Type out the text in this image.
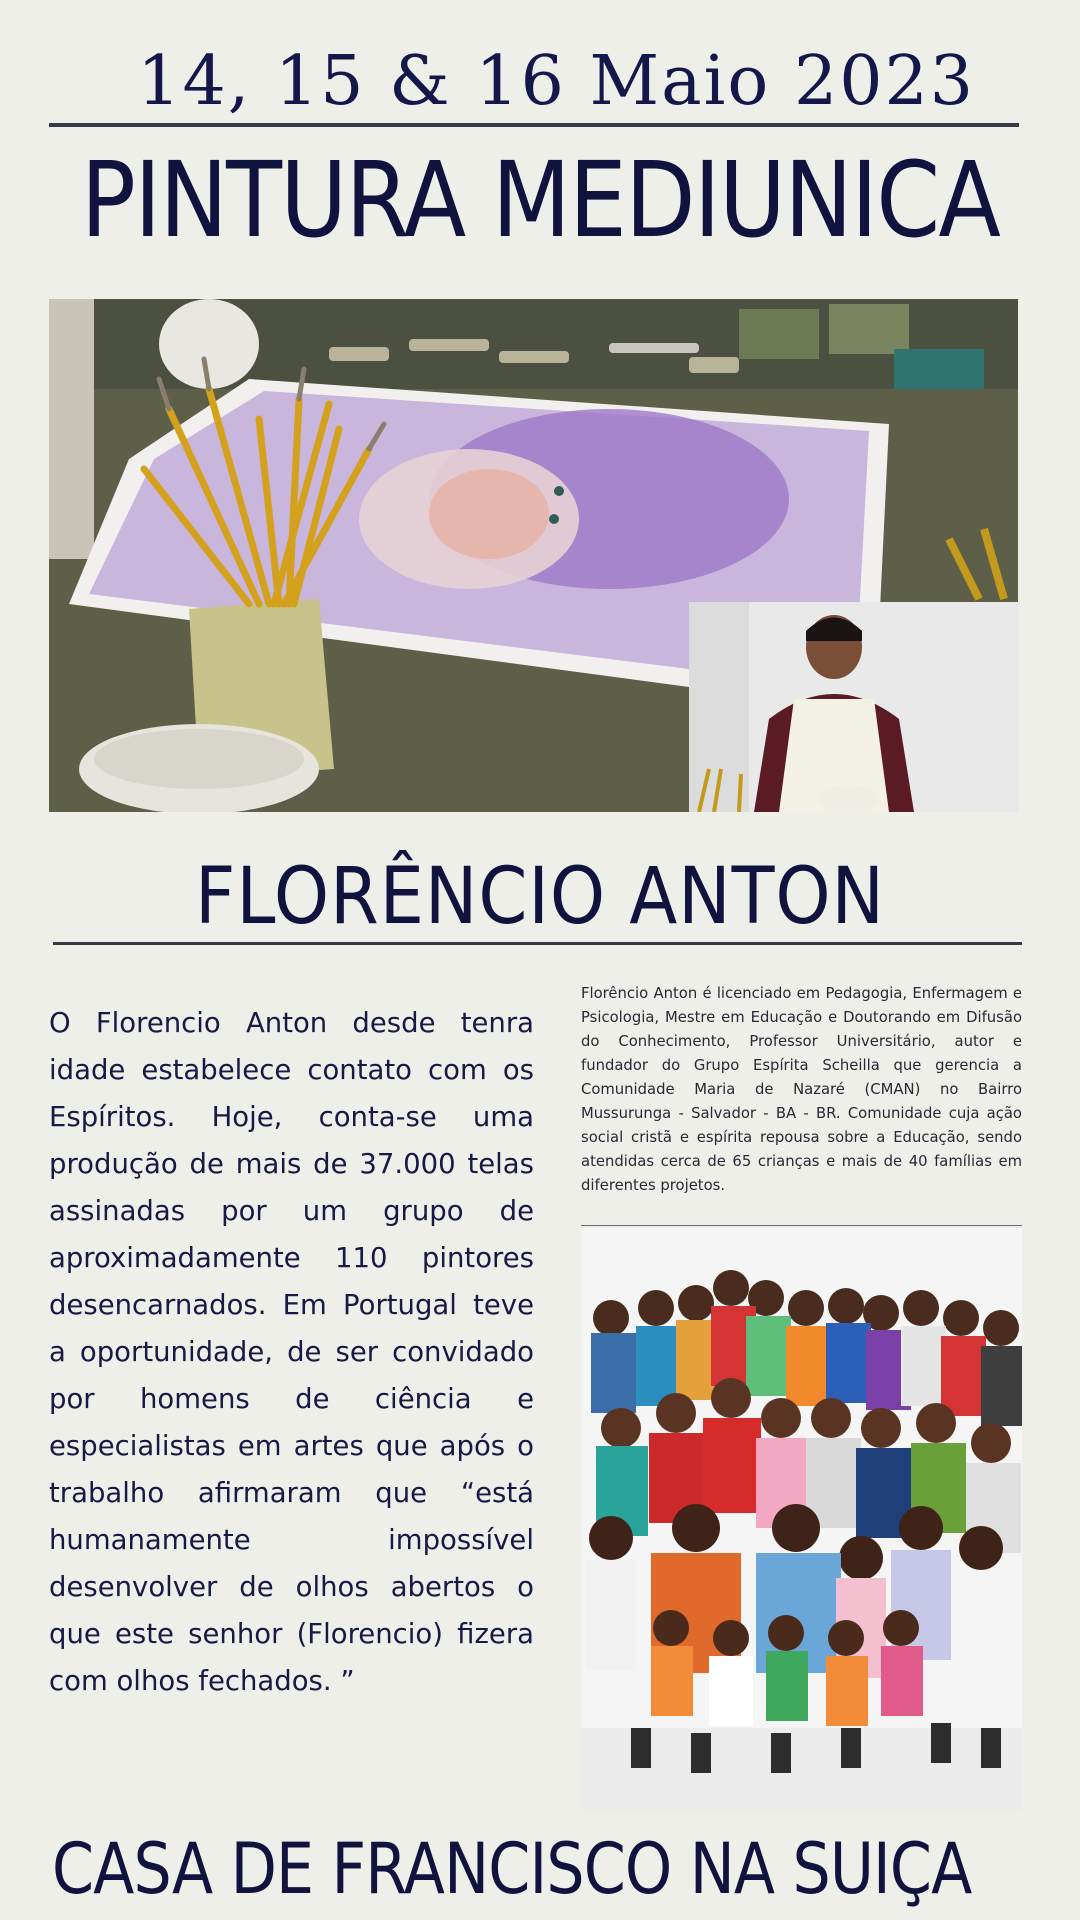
14, 15 & 16 Maio 2023
PINTURA MEDIUNICA
FLORÊNCIO ANTON

O Florencio Anton desde tenra idade estabelece contato com os Espíritos. Hoje, conta-se uma produção de mais de 37.000 telas assinadas por um grupo de aproximadamente 110 pintores desencarnados. Em Portugal teve a oportunidade, de ser convidado por homens de ciência e especialistas em artes que após o trabalho afirmaram que “está humanamente impossível desenvolver de olhos abertos o que este senhor (Florencio) fizera com olhos fechados. ”

Florêncio Anton é licenciado em Pedagogia, Enfermagem e Psicologia, Mestre em Educação e Doutorando em Difusão do Conhecimento, Professor Universitário, autor e fundador do Grupo Espírita Scheilla que gerencia a Comunidade Maria de Nazaré (CMAN) no Bairro Mussurunga - Salvador - BA - BR. Comunidade cuja ação social cristã e espírita repousa sobre a Educação, sendo atendidas cerca de 65 crianças e mais de 40 famílias em diferentes projetos.

CASA DE FRANCISCO NA SUIÇA
